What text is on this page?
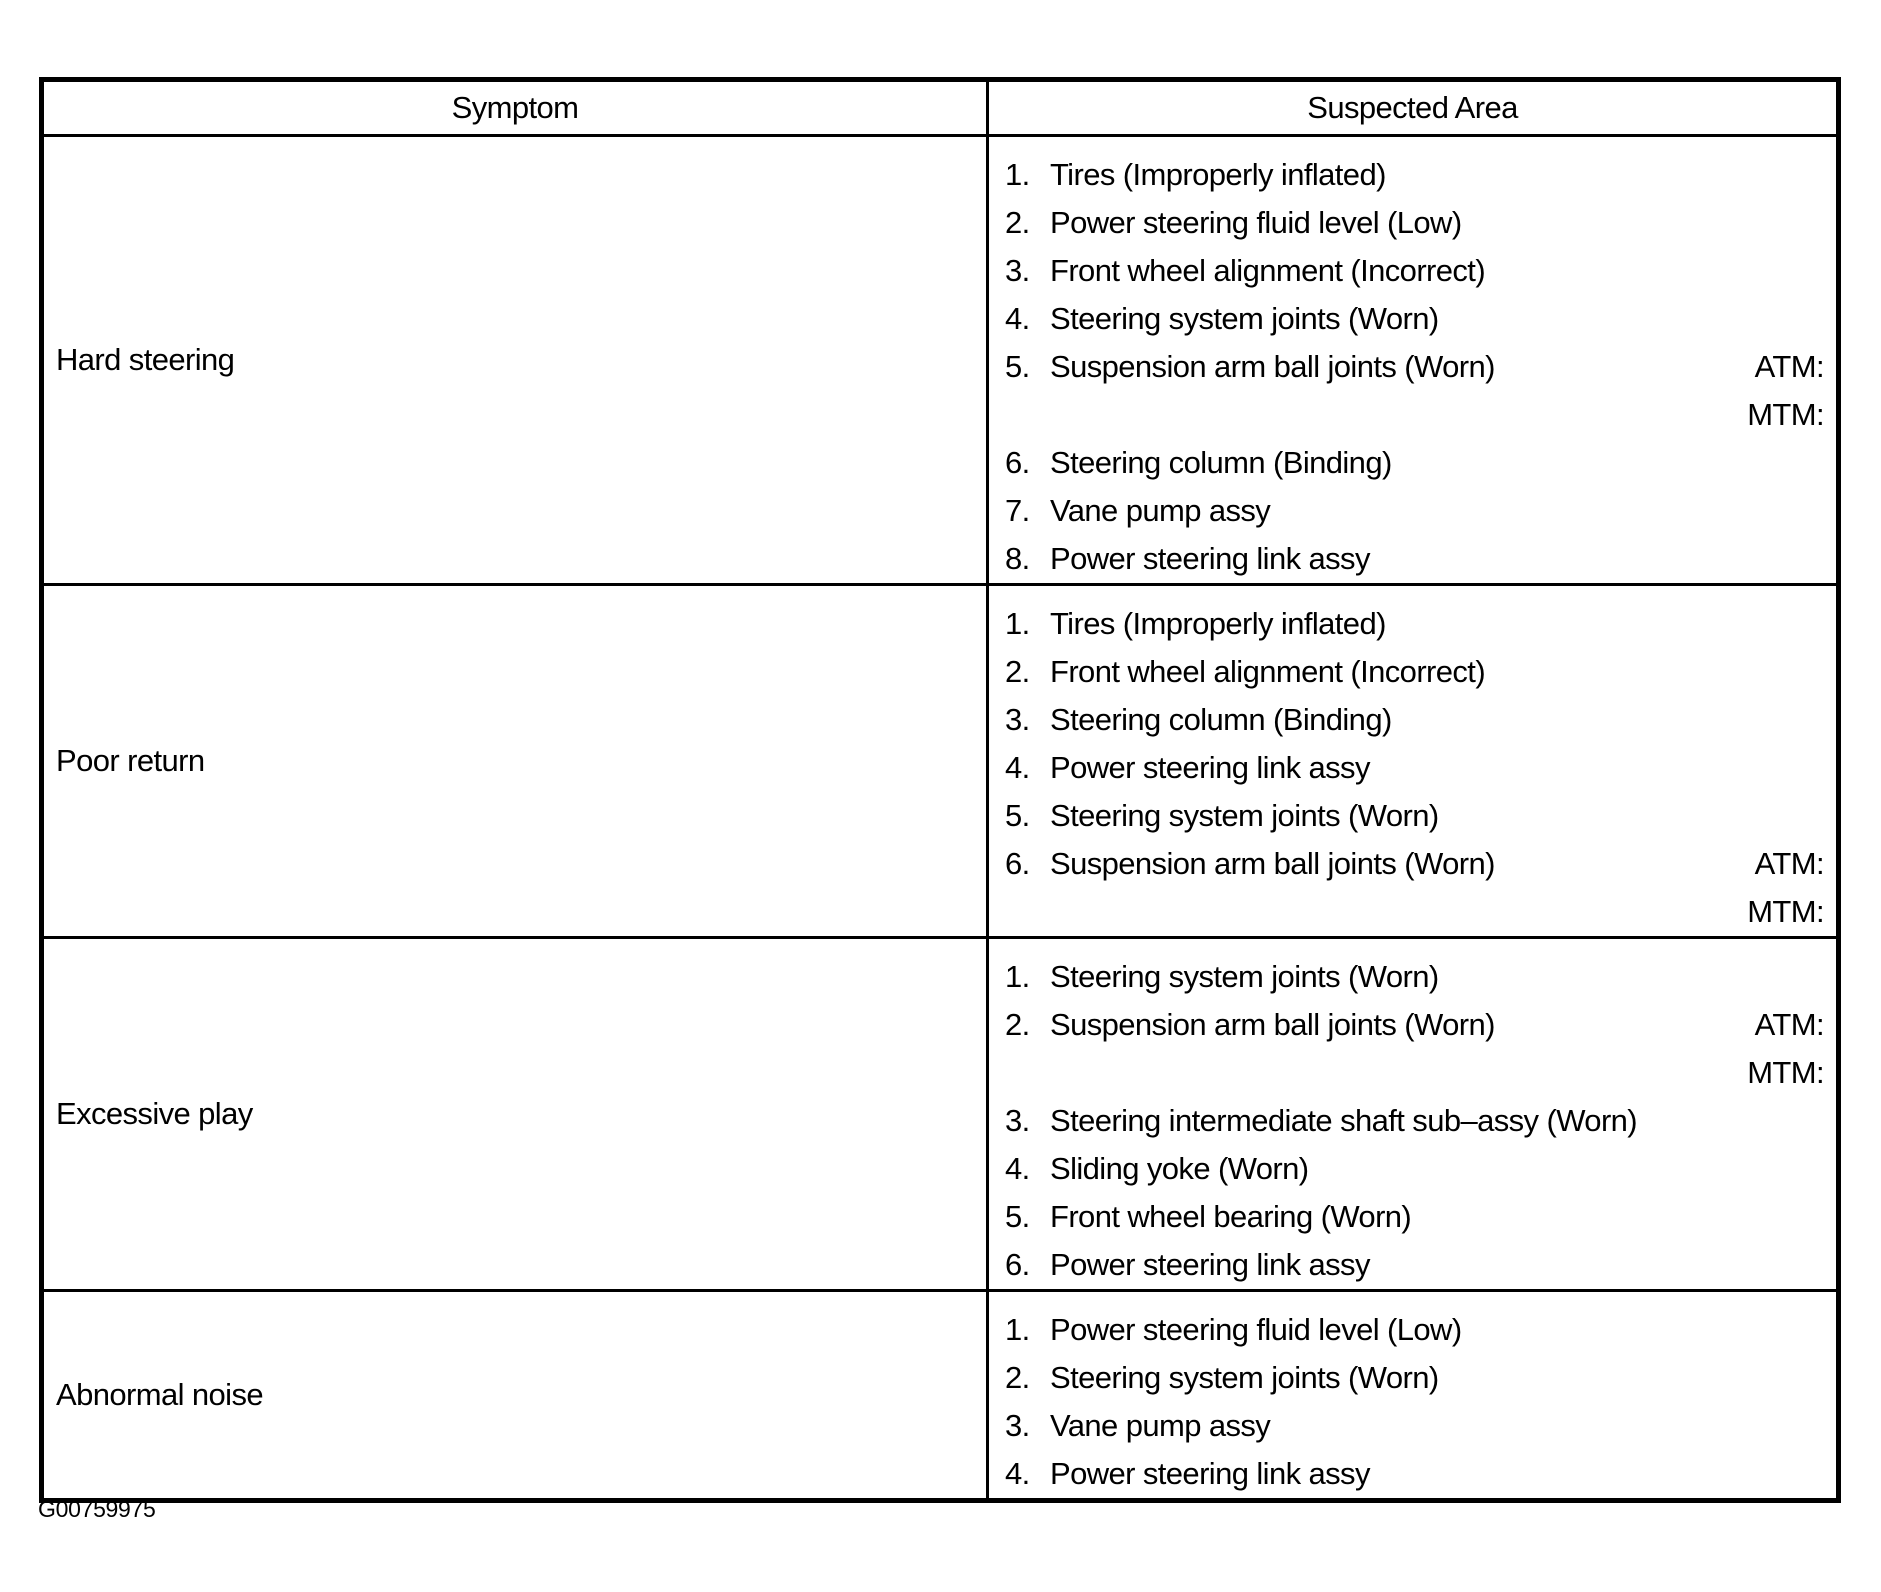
Symptom	Suspected Area
Hard steering
1. Tires (Improperly inflated)
2. Power steering fluid level (Low)
3. Front wheel alignment (Incorrect)
4. Steering system joints (Worn)
5. Suspension arm ball joints (Worn)	ATM:
MTM:
6. Steering column (Binding)
7. Vane pump assy
8. Power steering link assy
Poor return
1. Tires (Improperly inflated)
2. Front wheel alignment (Incorrect)
3. Steering column (Binding)
4. Power steering link assy
5. Steering system joints (Worn)
6. Suspension arm ball joints (Worn)	ATM:
MTM:
Excessive play
1. Steering system joints (Worn)
2. Suspension arm ball joints (Worn)	ATM:
MTM:
3. Steering intermediate shaft sub–assy (Worn)
4. Sliding yoke (Worn)
5. Front wheel bearing (Worn)
6. Power steering link assy
Abnormal noise
1. Power steering fluid level (Low)
2. Steering system joints (Worn)
3. Vane pump assy
4. Power steering link assy
G00759975
